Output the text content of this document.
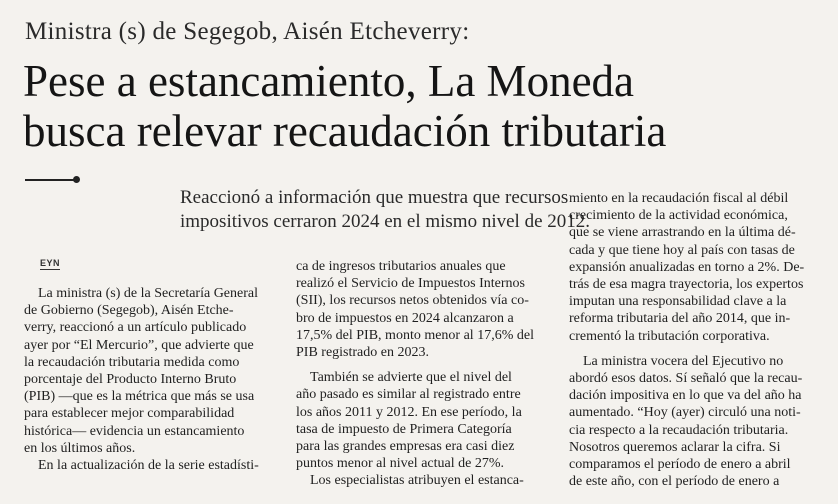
Ministra (s) de Segegob, Aisén Etcheverry:
Pese a estancamiento, La Moneda
busca relevar recaudación tributaria
Reaccionó a información que muestra que recursos
impositivos cerraron 2024 en el mismo nivel de 2012.
EYN
La ministra (s) de la Secretaría General
de Gobierno (Segegob), Aisén Etche-
verry, reaccionó a un artículo publicado
ayer por “El Mercurio”, que advierte que
la recaudación tributaria medida como
porcentaje del Producto Interno Bruto
(PIB) —que es la métrica que más se usa
para establecer mejor comparabilidad
histórica— evidencia un estancamiento
en los últimos años.
En la actualización de la serie estadísti-
ca de ingresos tributarios anuales que
realizó el Servicio de Impuestos Internos
(SII), los recursos netos obtenidos vía co-
bro de impuestos en 2024 alcanzaron a
17,5% del PIB, monto menor al 17,6% del
PIB registrado en 2023.
También se advierte que el nivel del
año pasado es similar al registrado entre
los años 2011 y 2012. En ese período, la
tasa de impuesto de Primera Categoría
para las grandes empresas era casi diez
puntos menor al nivel actual de 27%.
Los especialistas atribuyen el estanca-
miento en la recaudación fiscal al débil
crecimiento de la actividad económica,
que se viene arrastrando en la última dé-
cada y que tiene hoy al país con tasas de
expansión anualizadas en torno a 2%. De-
trás de esa magra trayectoria, los expertos
imputan una responsabilidad clave a la
reforma tributaria del año 2014, que in-
crementó la tributación corporativa.
La ministra vocera del Ejecutivo no
abordó esos datos. Sí señaló que la recau-
dación impositiva en lo que va del año ha
aumentado. “Hoy (ayer) circuló una noti-
cia respecto a la recaudación tributaria.
Nosotros queremos aclarar la cifra. Si
comparamos el período de enero a abril
de este año, con el período de enero a
